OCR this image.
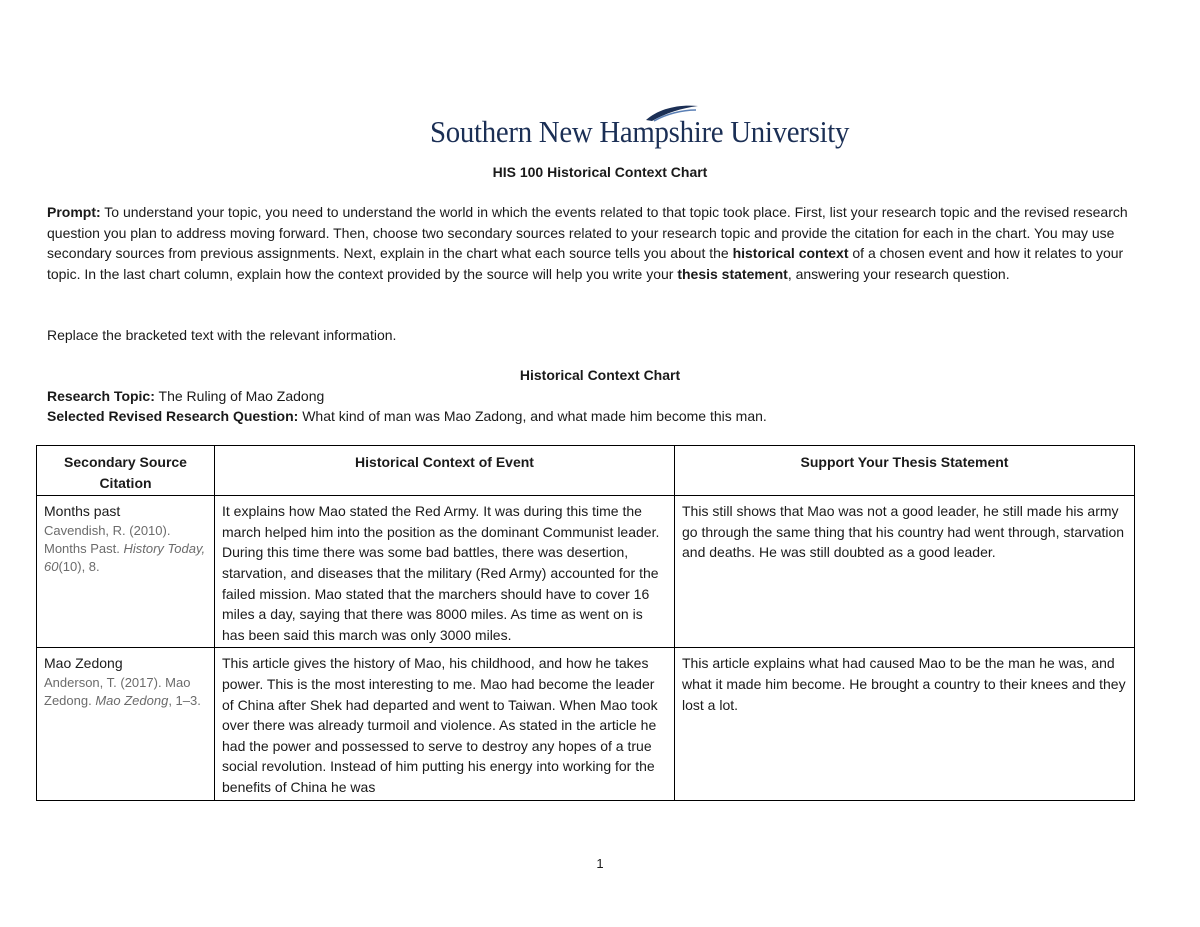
Southern New Hampshire University
HIS 100 Historical Context Chart
Prompt: To understand your topic, you need to understand the world in which the events related to that topic took place. First, list your research topic and the revised research question you plan to address moving forward. Then, choose two secondary sources related to your research topic and provide the citation for each in the chart. You may use secondary sources from previous assignments. Next, explain in the chart what each source tells you about the historical context of a chosen event and how it relates to your topic. In the last chart column, explain how the context provided by the source will help you write your thesis statement, answering your research question.
Replace the bracketed text with the relevant information.
Historical Context Chart
Research Topic: The Ruling of Mao Zadong
Selected Revised Research Question: What kind of man was Mao Zadong, and what made him become this man.
Secondary Source Citation	Historical Context of Event	Support Your Thesis Statement

Months past
Cavendish, R. (2010). Months Past. History Today, 60(10), 8.	It explains how Mao stated the Red Army. It was during this time the march helped him into the position as the dominant Communist leader. During this time there was some bad battles, there was desertion, starvation, and diseases that the military (Red Army) accounted for the failed mission. Mao stated that the marchers should have to cover 16 miles a day, saying that there was 8000 miles. As time as went on is has been said this march was only 3000 miles.	This still shows that Mao was not a good leader, he still made his army go through the same thing that his country had went through, starvation and deaths. He was still doubted as a good leader.

Mao Zedong
Anderson, T. (2017). Mao Zedong. Mao Zedong, 1–3.	This article gives the history of Mao, his childhood, and how he takes power. This is the most interesting to me. Mao had become the leader of China after Shek had departed and went to Taiwan. When Mao took over there was already turmoil and violence. As stated in the article he had the power and possessed to serve to destroy any hopes of a true social revolution. Instead of him putting his energy into working for the benefits of China he was	This article explains what had caused Mao to be the man he was, and what it made him become. He brought a country to their knees and they lost a lot.
1
